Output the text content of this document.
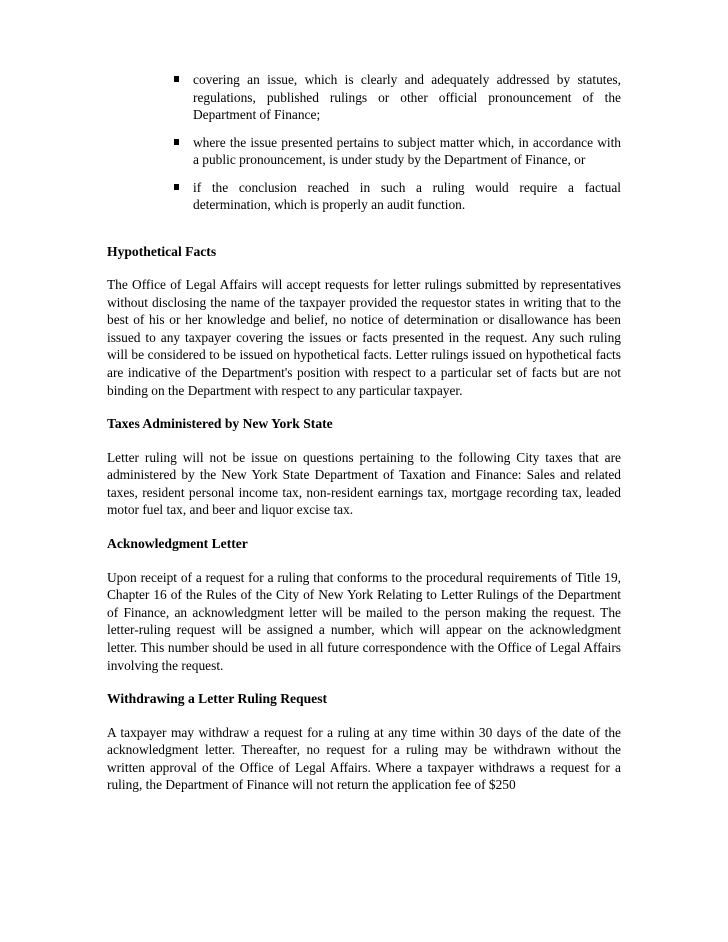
covering an issue, which is clearly and adequately addressed by statutes, regulations, published rulings or other official pronouncement of the Department of Finance;
where the issue presented pertains to subject matter which, in accordance with a public pronouncement, is under study by the Department of Finance, or
if the conclusion reached in such a ruling would require a factual determination, which is properly an audit function.
Hypothetical Facts

The Office of Legal Affairs will accept requests for letter rulings submitted by representatives without disclosing the name of the taxpayer provided the requestor states in writing that to the best of his or her knowledge and belief, no notice of determination or disallowance has been issued to any taxpayer covering the issues or facts presented in the request. Any such ruling will be considered to be issued on hypothetical facts. Letter rulings issued on hypothetical facts are indicative of the Department's position with respect to a particular set of facts but are not binding on the Department with respect to any particular taxpayer.

Taxes Administered by New York State

Letter ruling will not be issue on questions pertaining to the following City taxes that are administered by the New York State Department of Taxation and Finance: Sales and related taxes, resident personal income tax, non-resident earnings tax, mortgage recording tax, leaded motor fuel tax, and beer and liquor excise tax.

Acknowledgment Letter

Upon receipt of a request for a ruling that conforms to the procedural requirements of Title 19, Chapter 16 of the Rules of the City of New York Relating to Letter Rulings of the Department of Finance, an acknowledgment letter will be mailed to the person making the request. The letter-ruling request will be assigned a number, which will appear on the acknowledgment letter. This number should be used in all future correspondence with the Office of Legal Affairs involving the request.

Withdrawing a Letter Ruling Request

A taxpayer may withdraw a request for a ruling at any time within 30 days of the date of the acknowledgment letter. Thereafter, no request for a ruling may be withdrawn without the written approval of the Office of Legal Affairs. Where a taxpayer withdraws a request for a ruling, the Department of Finance will not return the application fee of $250
